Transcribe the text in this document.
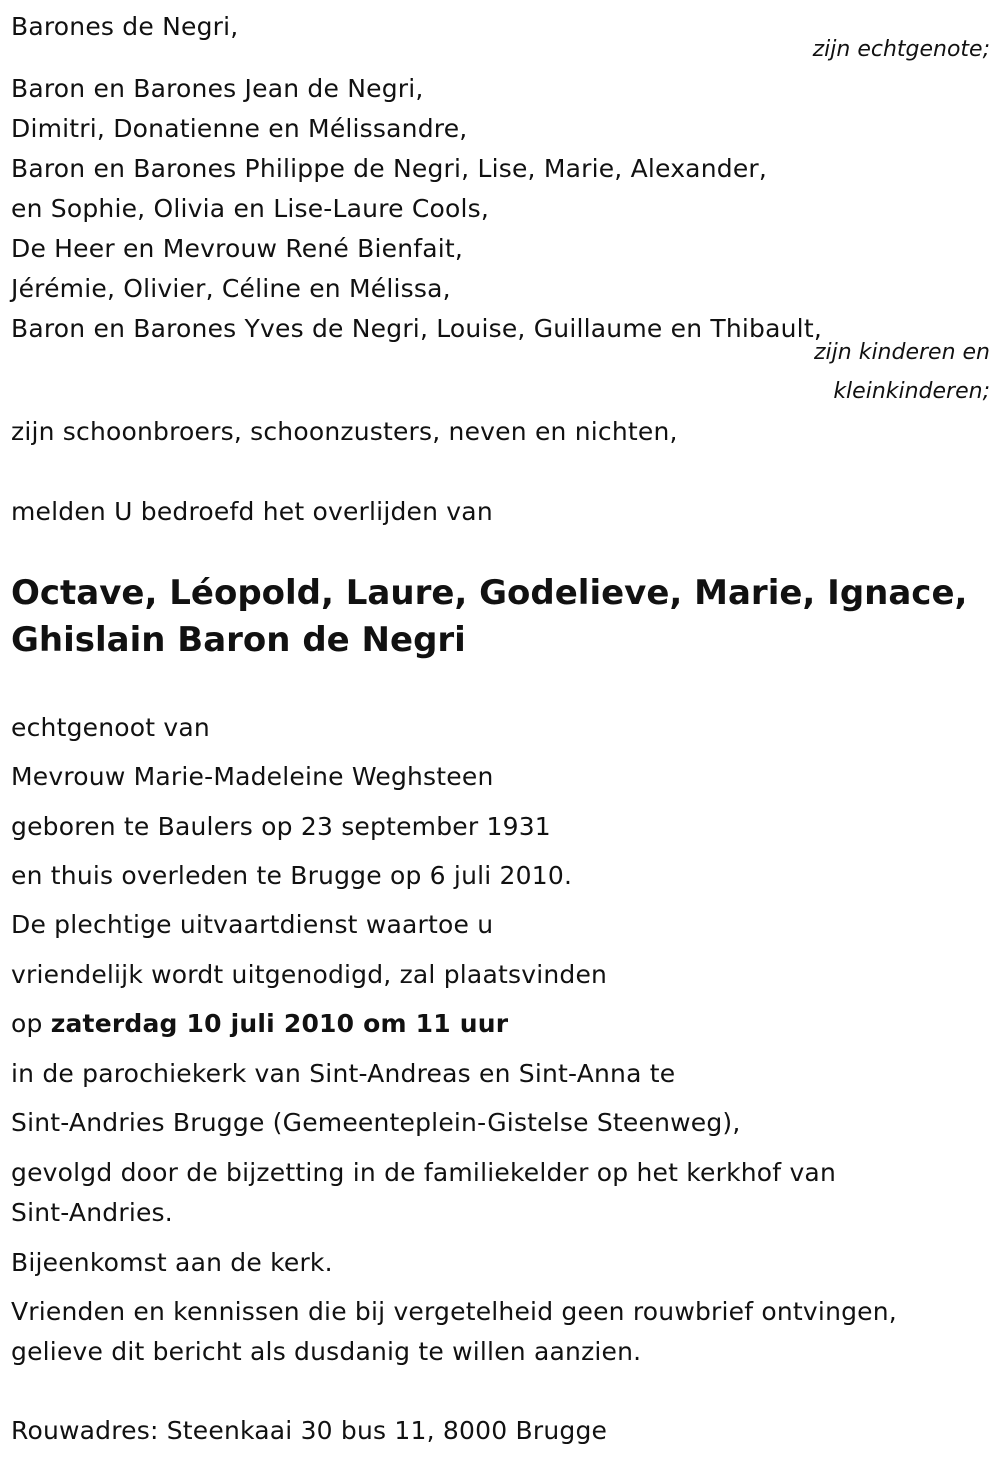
Barones de Negri,
zijn echtgenote;
Baron en Barones Jean de Negri,
Dimitri, Donatienne en Mélissandre,
Baron en Barones Philippe de Negri, Lise, Marie, Alexander,
en Sophie, Olivia en Lise-Laure Cools,
De Heer en Mevrouw René Bienfait,
Jérémie, Olivier, Céline en Mélissa,
Baron en Barones Yves de Negri, Louise, Guillaume en Thibault,
zijn kinderen en
kleinkinderen;
zijn schoonbroers, schoonzusters, neven en nichten,
melden U bedroefd het overlijden van
Octave, Léopold, Laure, Godelieve, Marie, Ignace,
Ghislain Baron de Negri
echtgenoot van
Mevrouw Marie-Madeleine Weghsteen
geboren te Baulers op 23 september 1931
en thuis overleden te Brugge op 6 juli 2010.
De plechtige uitvaartdienst waartoe u
vriendelijk wordt uitgenodigd, zal plaatsvinden
op zaterdag 10 juli 2010 om 11 uur
in de parochiekerk van Sint-Andreas en Sint-Anna te
Sint-Andries Brugge (Gemeenteplein-Gistelse Steenweg),
gevolgd door de bijzetting in de familiekelder op het kerkhof van
Sint-Andries.
Bijeenkomst aan de kerk.
Vrienden en kennissen die bij vergetelheid geen rouwbrief ontvingen,
gelieve dit bericht als dusdanig te willen aanzien.
Rouwadres: Steenkaai 30 bus 11, 8000 Brugge
